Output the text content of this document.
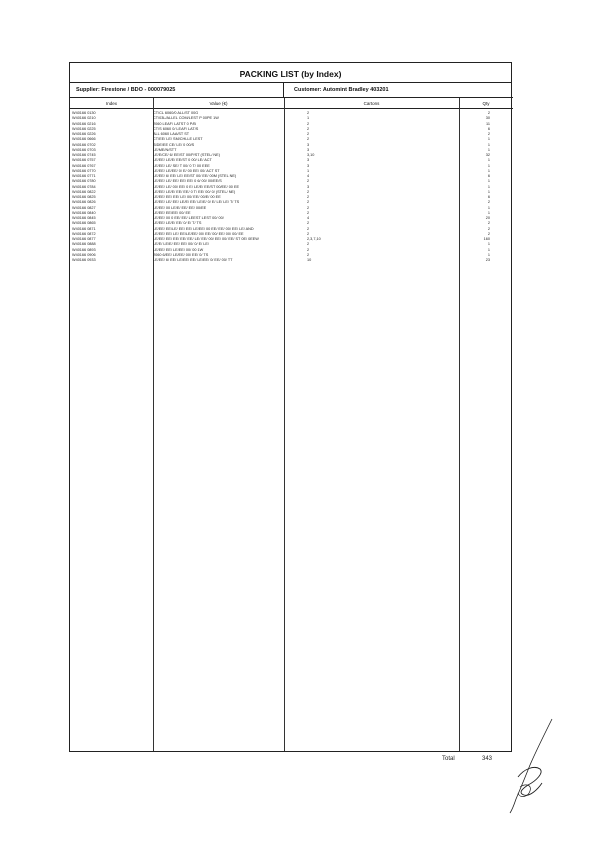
PACKING LIST (by Index)
Supplier: Firestone / BDO - 000079025	Customer: Automint Bradley 403201
Index	Value (€)	Cartons	Qty
W40166 0130	CT/CL 6060/0 ALL/ST 00G	2	2
W40166 0210	CT/03L/ALLEL COM/LEST P 00PE 1W	1	30
W40166 0216	2060 LEAF/ LATST 0 P/B	2	11
W40166 0225	CT/S 6060 0/ LEAF/ LAT/S	2	6
W40166 0226	ALL 6060 LAA/ST ST	2	2
W40166 0666	CT/EE/ LE/ SM/CHLLE LEST	2	1
W40166 0702	SIDE/EE CE/ LE/ 0 00/S	3	1
W40166 0703	LE/ME/N/STT	3	1
W40166 0745	LE/E/CE/ 6/ EE/ST 00/P/ST (STEL/ NE)	3,10	32
W40166 0757	LE/EE/ LE/E/ EE/ST 0 00/ LE/ ACT	3	1
W40166 0767	LE/EE/ LE/ SE/ T 00/ 0 T/ 00 EEE	3	1
W40166 0770	LE/EE/ LE/EE/ 0/ E/ 00 EE/ 00/ ACT ST	1	1
W40166 0771	LE/EE/ 6/ EE/ LE/ EE/ST 00/ EE/ 00M (STEL NE)	4	6
W40166 0780	LE/EE/ LE/ EE/ EE/ EE/ 0 6/ 00/ 00/EE/S	2	1
W40166 0784	LE/EE/ LE/ 00/ EE/ 0 E/ LE/E/ EE/ST 00/EE/ 00 EE	3	1
W40166 0822	LE/EE/ LE/E/ EE/ EE/ 0 T/ EE/ 00/ 0/ (STEL/ NE)	2	1
W40166 0825	LE/EE/ EE/ EE/ LE/ 00/ EE/ 00/E/ 00 EE	2	6
W40166 0826	LE/EE/ LE/ EE/ LE/E/ EE/ LE/E/ 0/ E/ LE/ LE/ T/ TS	2	2
W40166 0827	LE/EE/ 00 LE/E/ EE/ EE/ 00/EE	2	1
W40166 0840	LE/EE/ EE/EE/ 00/ EE	2	1
W40166 0845	LE/EE/ 00 0 EE/ EE/ LEEST LEST 00/ 00/	4	20
W40166 0865	LE/EE/ LE/E/ EE/ 0/ E/ T/ TS	2	2
W40166 0871	LE/EE/ EE/LE/ EE/ EE/ LE/EE/ 00 EE/ EE/ 00/ EE/ LE/ AND	2	2
W40166 0872	LE/EE/ EE/ LE/ EE/LE/EE/ 00/ EE/ 00/ EE/ 00/ 00/ EE	2	2
W40166 0877	LE/EE/ EE/ EE/ EE/ EE/ LE/ EE/ 00/ EE/ 00/ EE/ ST 0E/ 0EEW	2,3,7,10	160
W40166 0888	LE/E/ LE/E/ EE/ EE/ 00/ 0/ E/ LE/	2	1
W40166 0893	LE/EE/ EE/ LE/EE/ 00/ 00 1W	2	1
W40166 0906	2060 6/EE/ LE/EE/ 00/ EE/ 0/ TS	2	1
W40166 0933	LE/EE/ 6/ EE/ LE/EE/ EE/ LE/EE/ 0/ EE/ 00/ TT	10	23
Total	343
